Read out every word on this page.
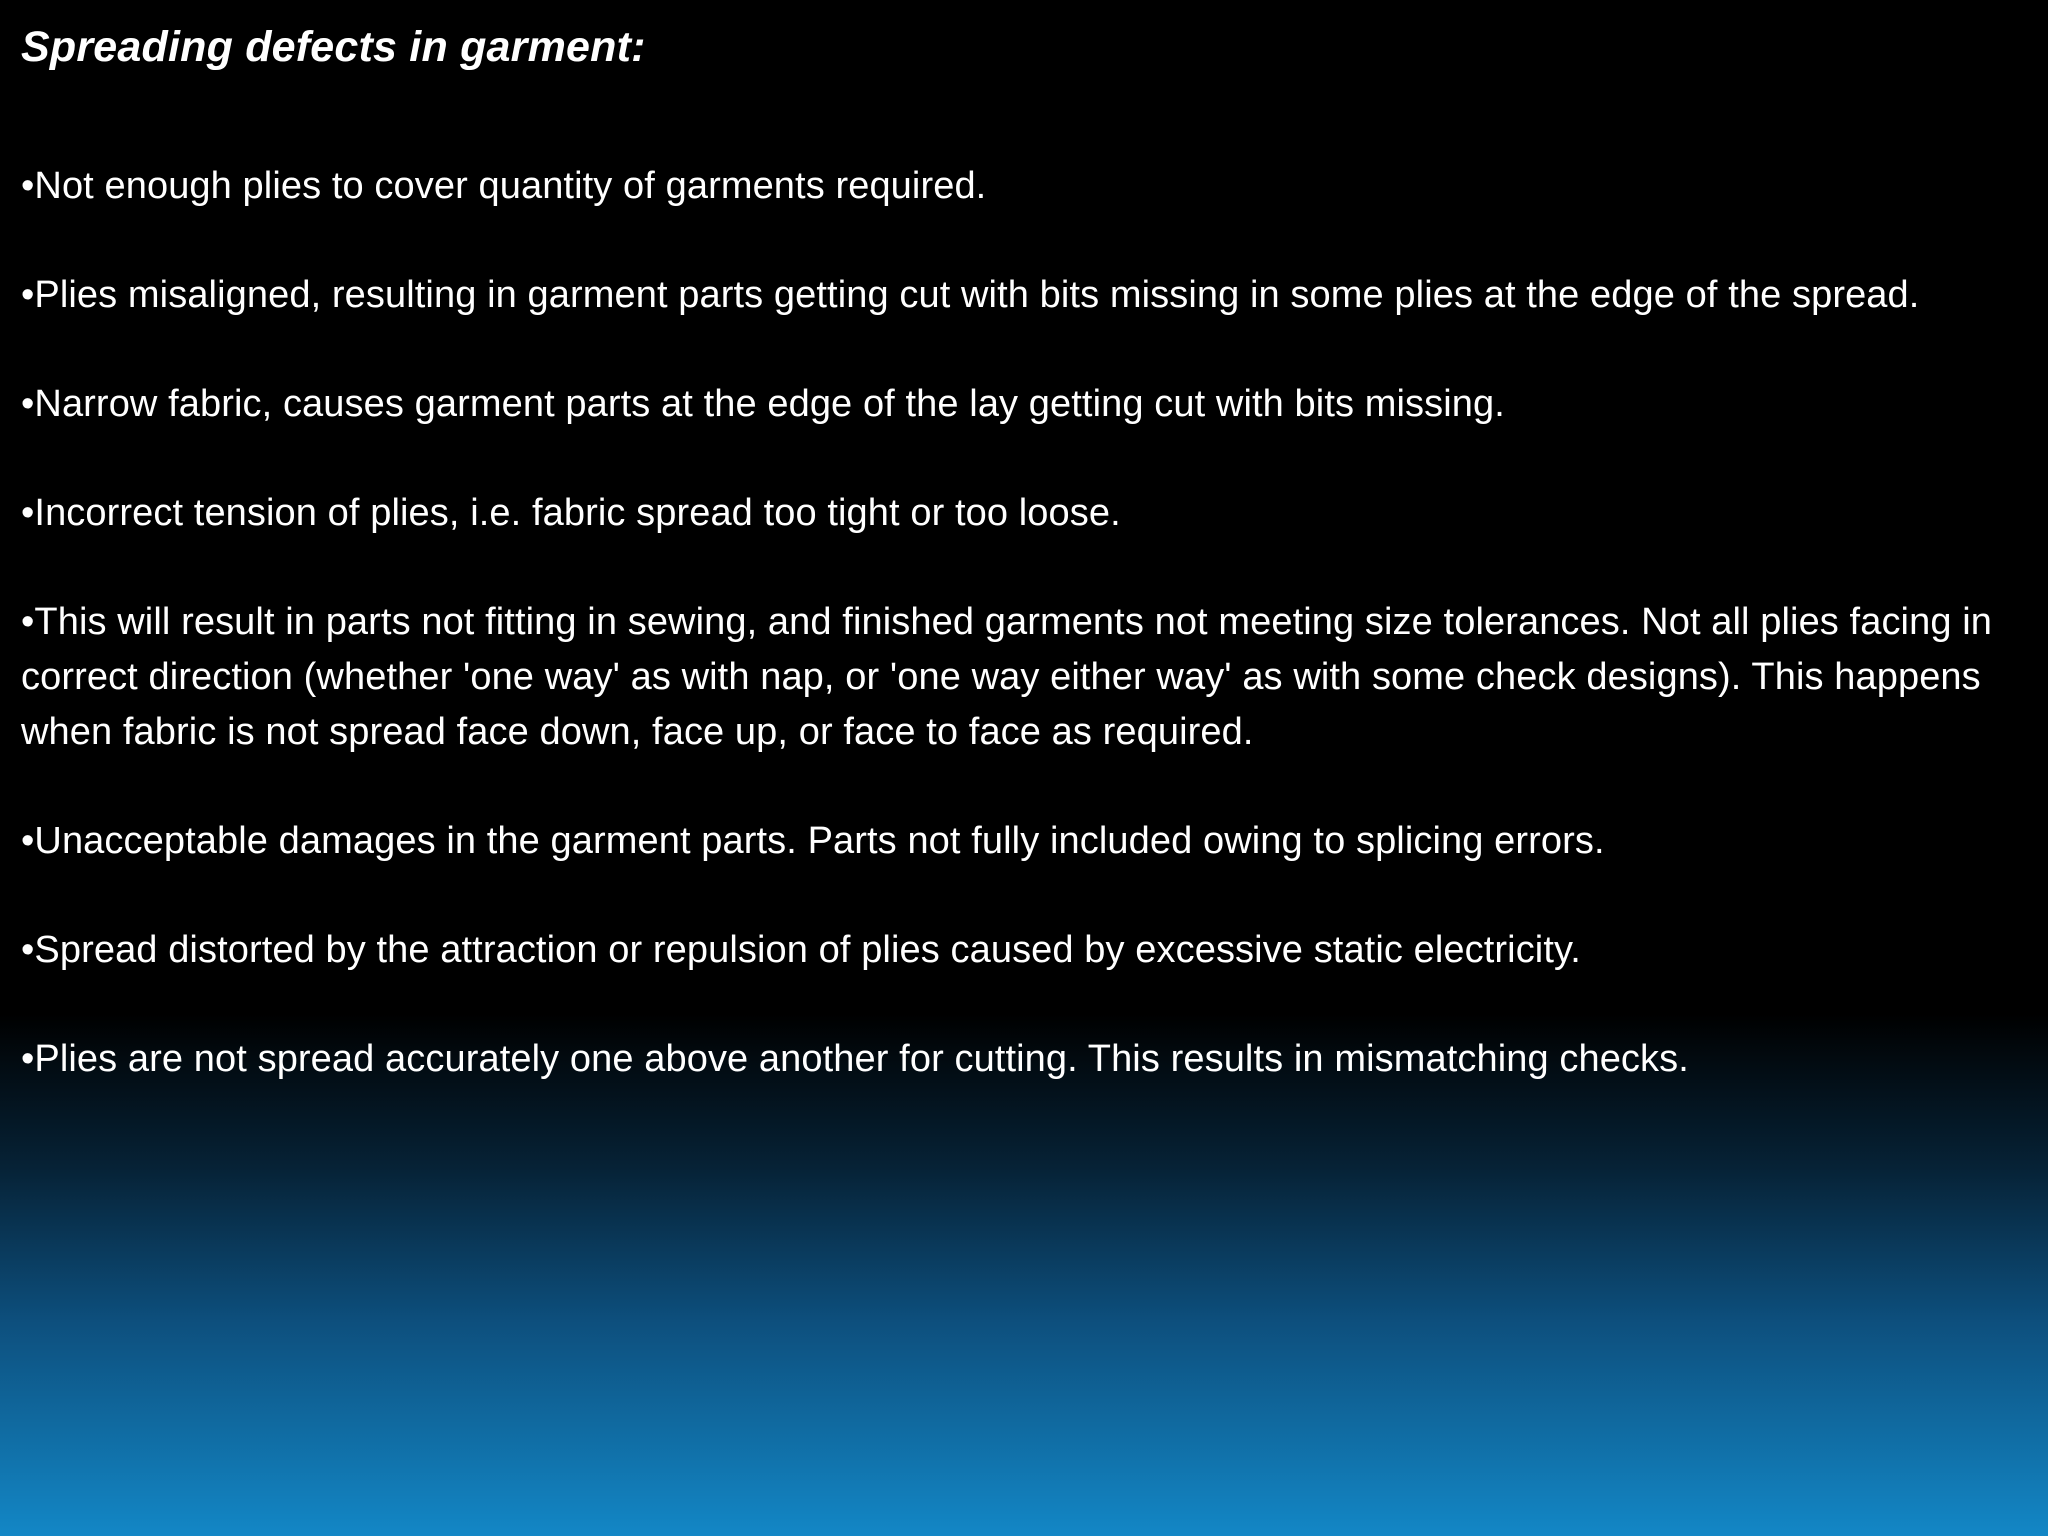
Spreading defects in garment:
•Not enough plies to cover quantity of garments required.
•Plies misaligned, resulting in garment parts getting cut with bits missing in some plies at the edge of the spread.
•Narrow fabric, causes garment parts at the edge of the lay getting cut with bits missing.
•Incorrect tension of plies, i.e. fabric spread too tight or too loose.
•This will result in parts not fitting in sewing, and finished garments not meeting size tolerances. Not all plies facing in correct direction (whether 'one way' as with nap, or 'one way either way' as with some check designs). This happens when fabric is not spread face down, face up, or face to face as required.
•Unacceptable damages in the garment parts. Parts not fully included owing to splicing errors.
•Spread distorted by the attraction or repulsion of plies caused by excessive static electricity.
•Plies are not spread accurately one above another for cutting. This results in mismatching checks.
